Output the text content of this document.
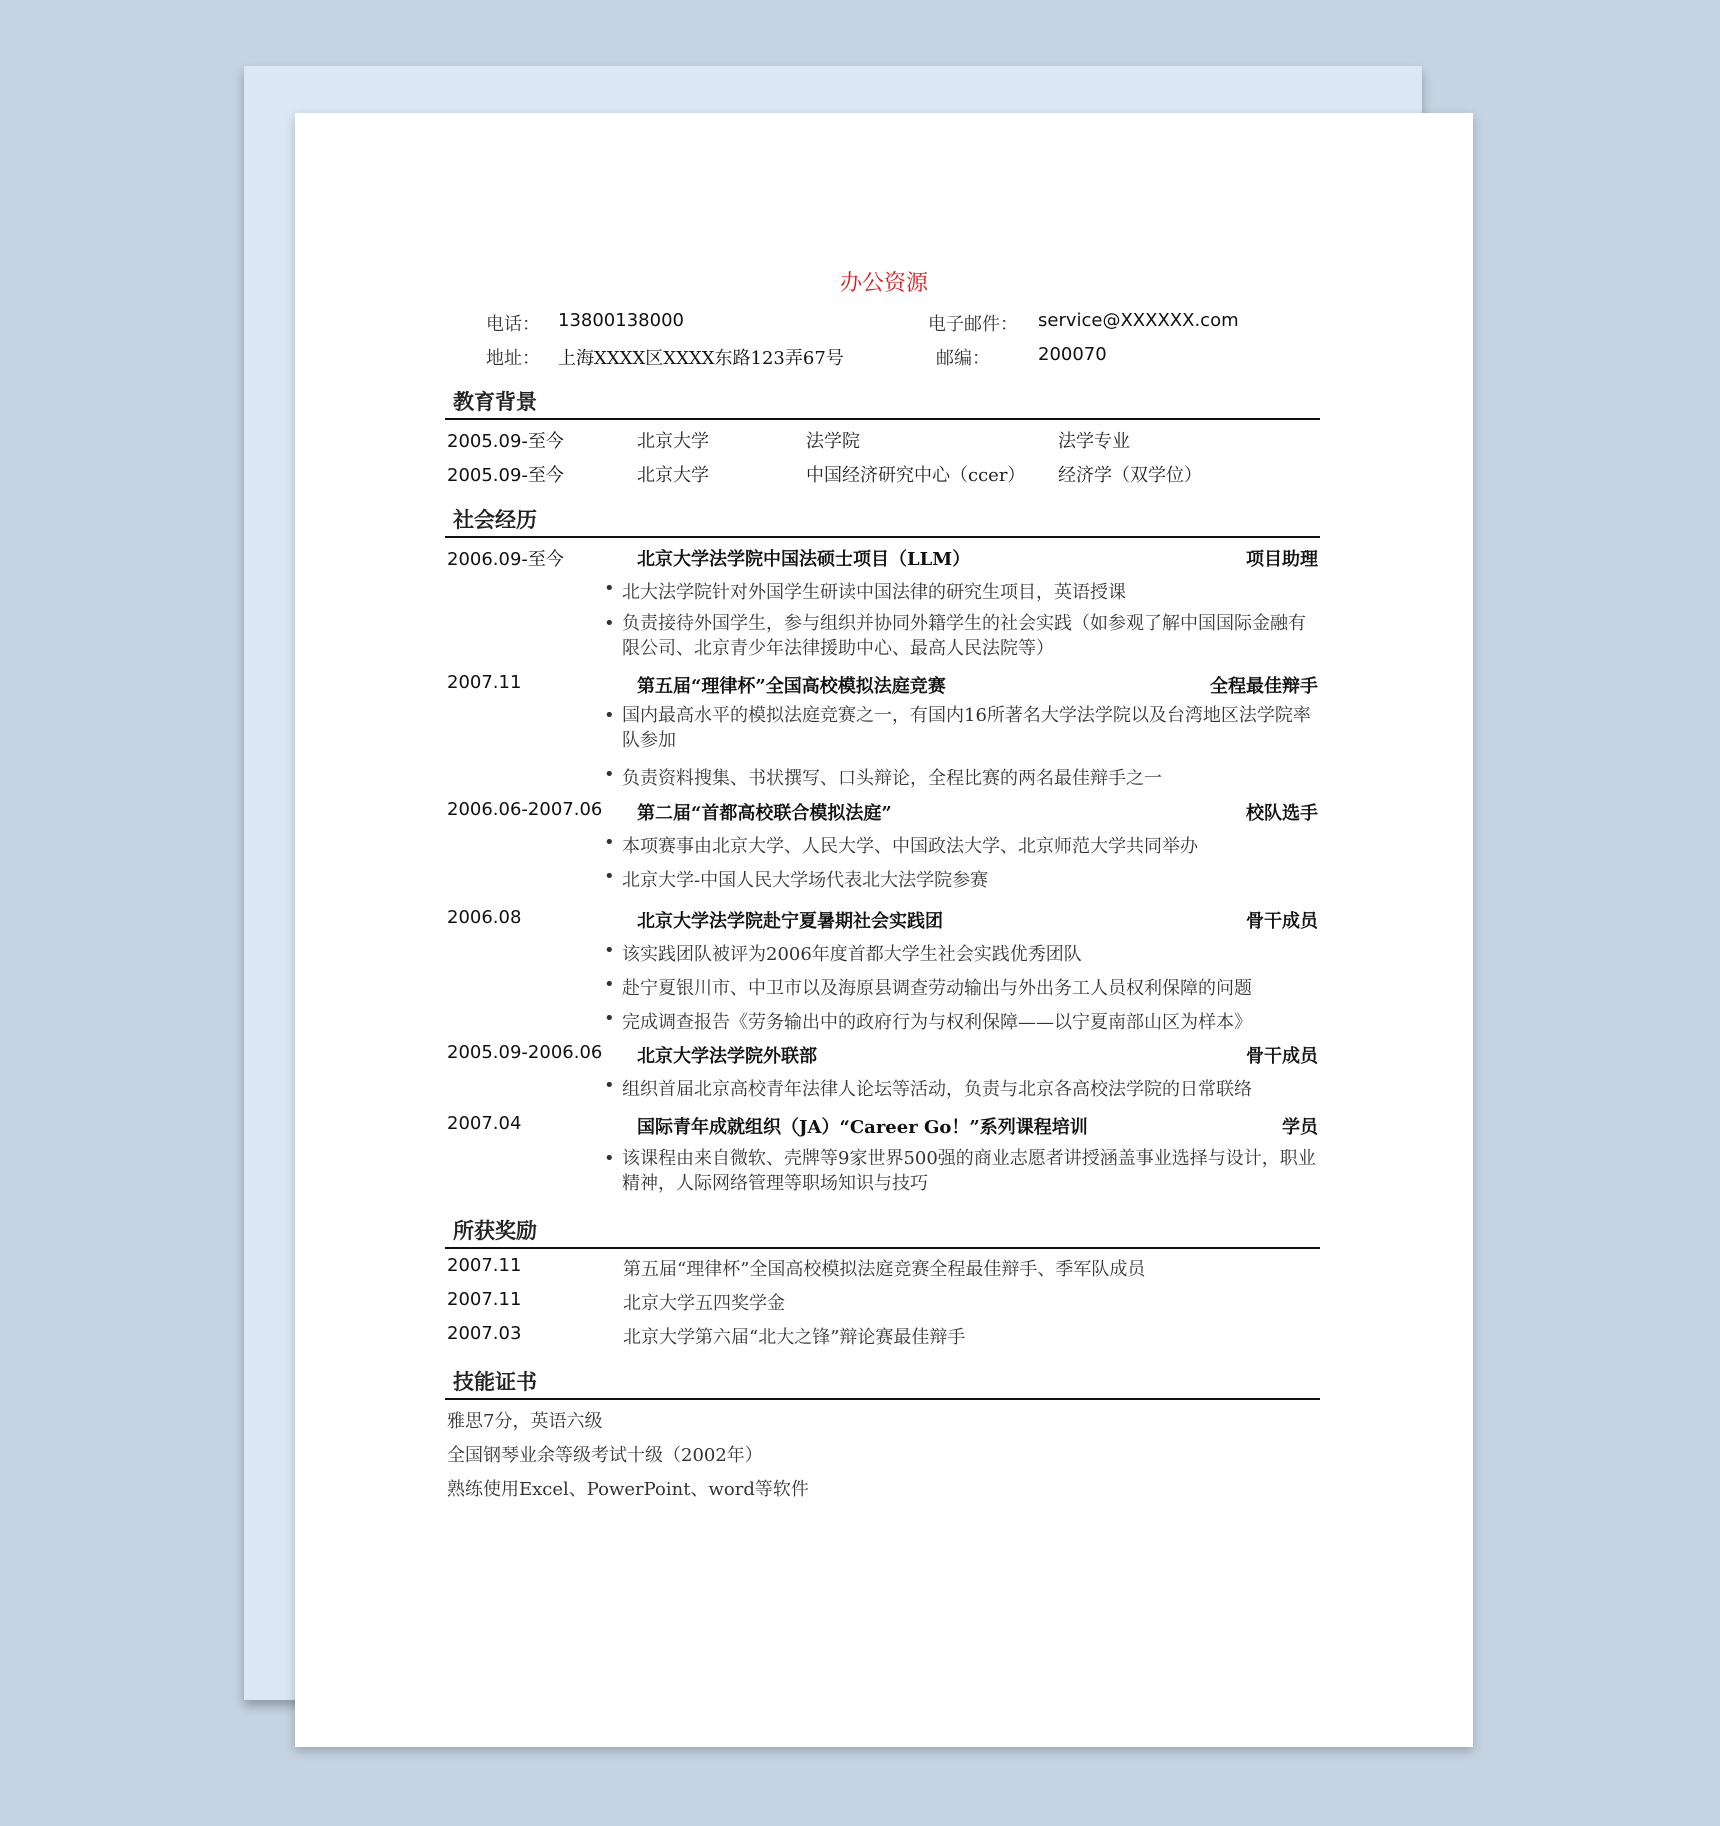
办公资源
电话： 13800138000	电子邮件： service@XXXXXX.com
地址： 上海XXXX区XXXX东路123弄67号	邮编：	200070
教育背景
2005.09-至今	北京大学	法学院	法学专业
2005.09-至今	北京大学	中国经济研究中心（ccer） 经济学（双学位）
社会经历
2006.09-至今	北京大学法学院中国法硕士项目（LLM）	项目助理
• 北大法学院针对外国学生研读中国法律的研究生项目，英语授课
• 负责接待外国学生，参与组织并协同外籍学生的社会实践（如参观了解中国国际金融有限公司、北京青少年法律援助中心、最高人民法院等）
2007.11	第五届“理律杯”全国高校模拟法庭竞赛	全程最佳辩手
• 国内最高水平的模拟法庭竞赛之一，有国内16所著名大学法学院以及台湾地区法学院率队参加
• 负责资料搜集、书状撰写、口头辩论，全程比赛的两名最佳辩手之一
2006.06-2007.06 第二届“首都高校联合模拟法庭”	校队选手
• 本项赛事由北京大学、人民大学、中国政法大学、北京师范大学共同举办
• 北京大学-中国人民大学场代表北大法学院参赛
2006.08	北京大学法学院赴宁夏暑期社会实践团	骨干成员
• 该实践团队被评为2006年度首都大学生社会实践优秀团队
• 赴宁夏银川市、中卫市以及海原县调查劳动输出与外出务工人员权利保障的问题
• 完成调查报告《劳务输出中的政府行为与权利保障——以宁夏南部山区为样本》
2005.09-2006.06 北京大学法学院外联部	骨干成员
• 组织首届北京高校青年法律人论坛等活动，负责与北京各高校法学院的日常联络
2007.04	国际青年成就组织（JA）“Career Go！”系列课程培训	学员
• 该课程由来自微软、壳牌等9家世界500强的商业志愿者讲授涵盖事业选择与设计，职业精神，人际网络管理等职场知识与技巧
所获奖励
2007.11	第五届“理律杯”全国高校模拟法庭竞赛全程最佳辩手、季军队成员
2007.11	北京大学五四奖学金
2007.03	北京大学第六届“北大之锋”辩论赛最佳辩手
技能证书
雅思7分，英语六级
全国钢琴业余等级考试十级（2002年）
熟练使用Excel、PowerPoint、word等软件
